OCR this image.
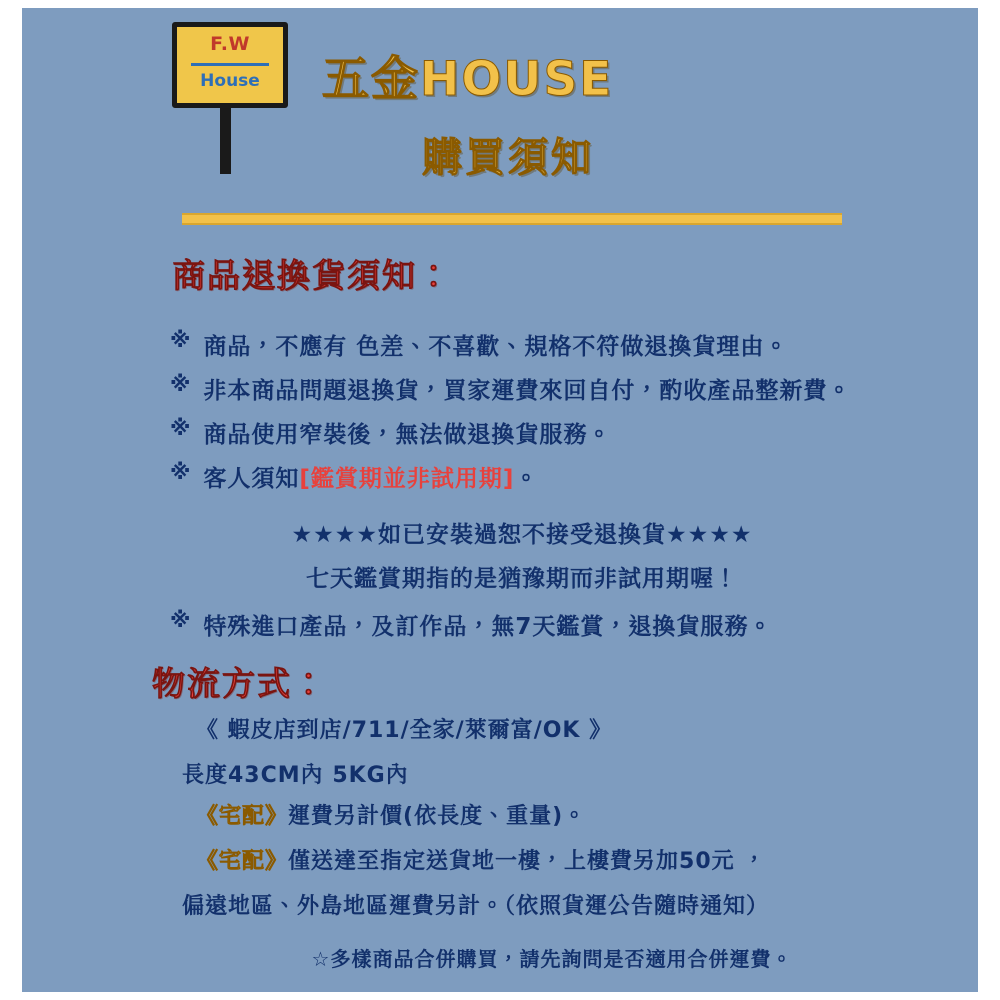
F.W
House	五金HOUSE
購買須知
商品退換貨須知：
※ 商品，不應有 色差、不喜歡、規格不符做退換貨理由。
※ 非本商品問題退換貨，買家運費來回自付，酌收產品整新費。
※ 商品使用窄裝後，無法做退換貨服務。
※ 客人須知[鑑賞期並非試用期]。
★★★★如已安裝過恕不接受退換貨★★★★
七天鑑賞期指的是猶豫期而非試用期喔！
※ 特殊進口產品，及訂作品，無7天鑑賞，退換貨服務。
物流方式：
《 蝦皮店到店/711/全家/萊爾富/OK 》
長度43CM內 5KG內
《宅配》運費另計價(依長度、重量)。
《宅配》僅送達至指定送貨地一樓，上樓費另加50元 ，
偏遠地區、外島地區運費另計。（依照貨運公告隨時通知）
☆多樣商品合併購買，請先詢問是否適用合併運費。
